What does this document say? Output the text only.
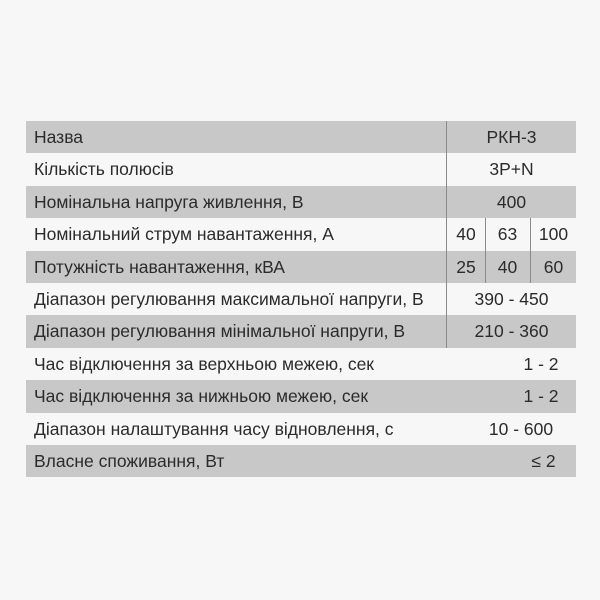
Назва	РКН-3
Кількість полюсів	3P+N
Номінальна напруга живлення, В	400
Номінальний струм навантаження, А	40	63	100
Потужність навантаження, кВА	25	40	60
Діапазон регулювання максимальної напруги, В	390 - 450
Діапазон регулювання мінімальної напруги, В	210 - 360
Час відключення за верхньою межею, сек	1 - 2
Час відключення за нижньою межею, сек	1 - 2
Діапазон налаштування часу відновлення, с	10 - 600
Власне споживання, Вт	≤ 2
